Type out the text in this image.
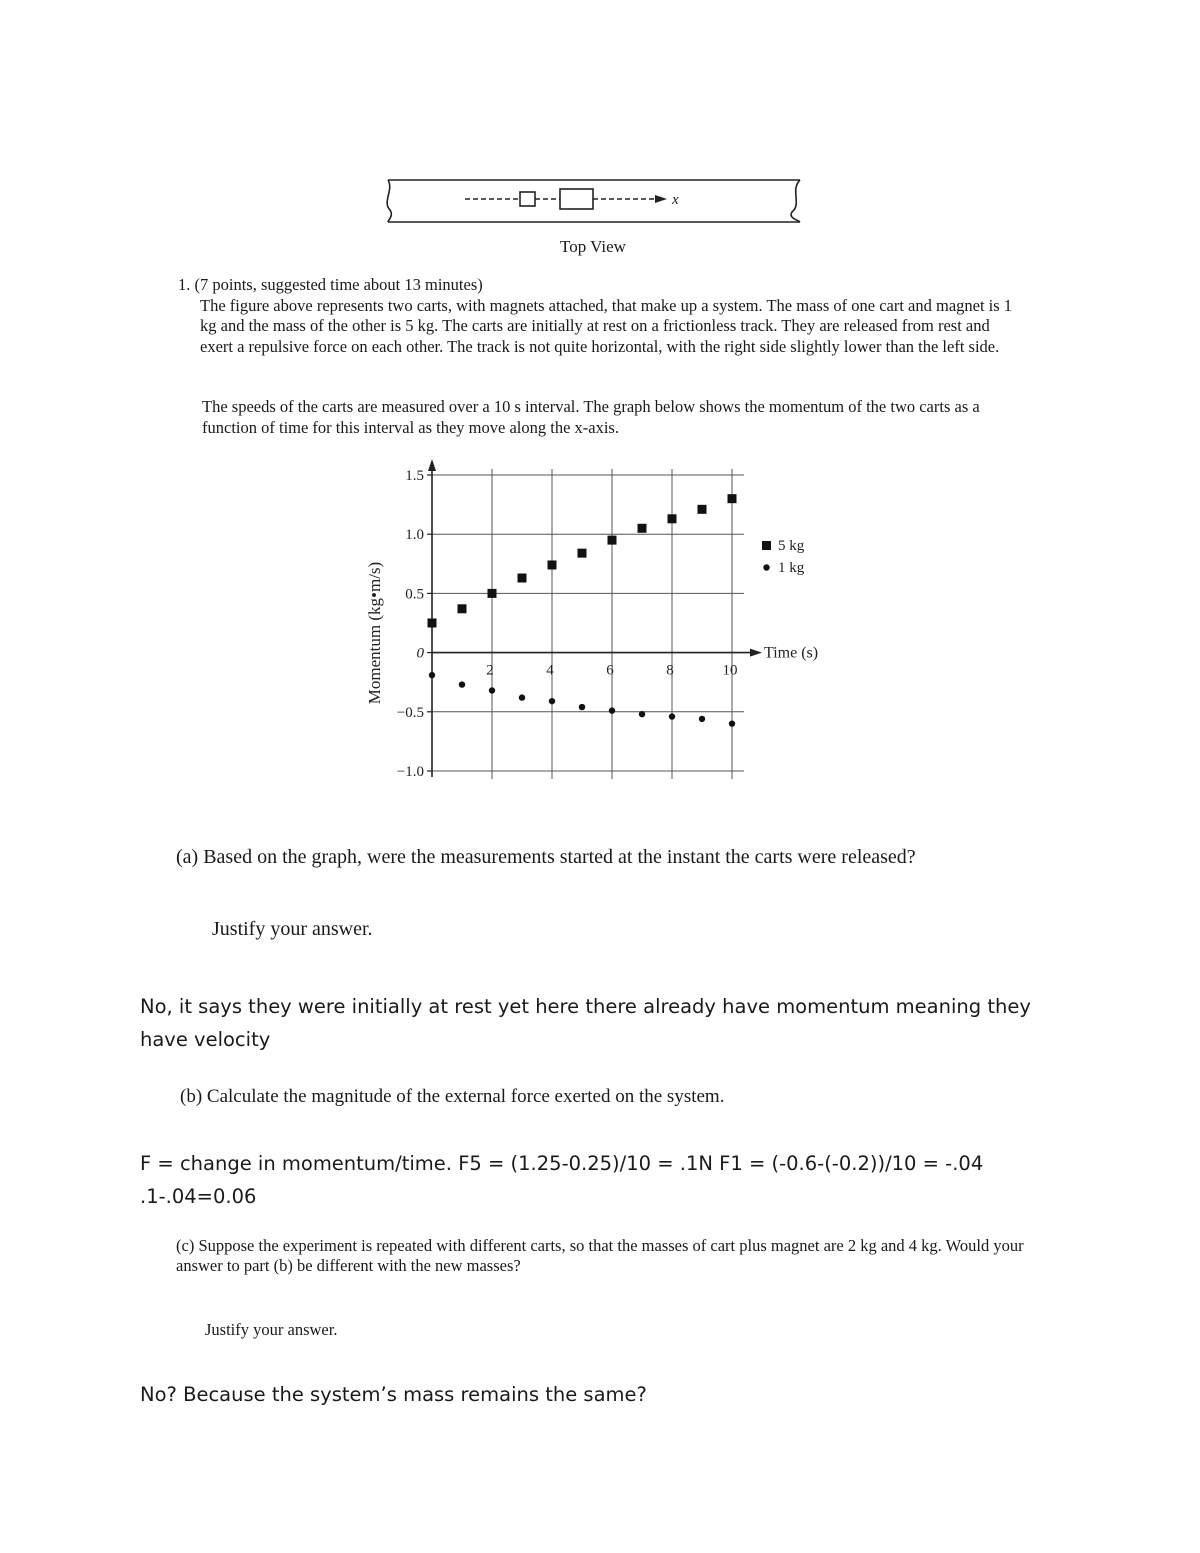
x
Top View

1. (7 points, suggested time about 13 minutes)

The figure above represents two carts, with magnets attached, that make up a system. The mass of one cart and magnet is 1 kg and the mass of the other is 5 kg. The carts are initially at rest on a frictionless track. They are released from rest and exert a repulsive force on each other. The track is not quite horizontal, with the right side slightly lower than the left side.

The speeds of the carts are measured over a 10 s interval. The graph below shows the momentum of the two carts as a function of time for this interval as they move along the x-axis.
1.5
1.0
0.5
0
−0.5
−1.0
2	4	6	8	10
5 kg
1 kg
Momentum (kg•m/s)	Time (s)
(a) Based on the graph, were the measurements started at the instant the carts were released?
Justify your answer.
No, it says they were initially at rest yet here there already have momentum meaning they have velocity
(b) Calculate the magnitude of the external force exerted on the system.
F = change in momentum/time. F5 = (1.25-0.25)/10 = .1N F1 = (-0.6-(-0.2))/10 = -.04
.1-.04=0.06
(c) Suppose the experiment is repeated with different carts, so that the masses of cart plus magnet are 2 kg and 4 kg. Would your answer to part (b) be different with the new masses?
Justify your answer.
No? Because the system’s mass remains the same?
